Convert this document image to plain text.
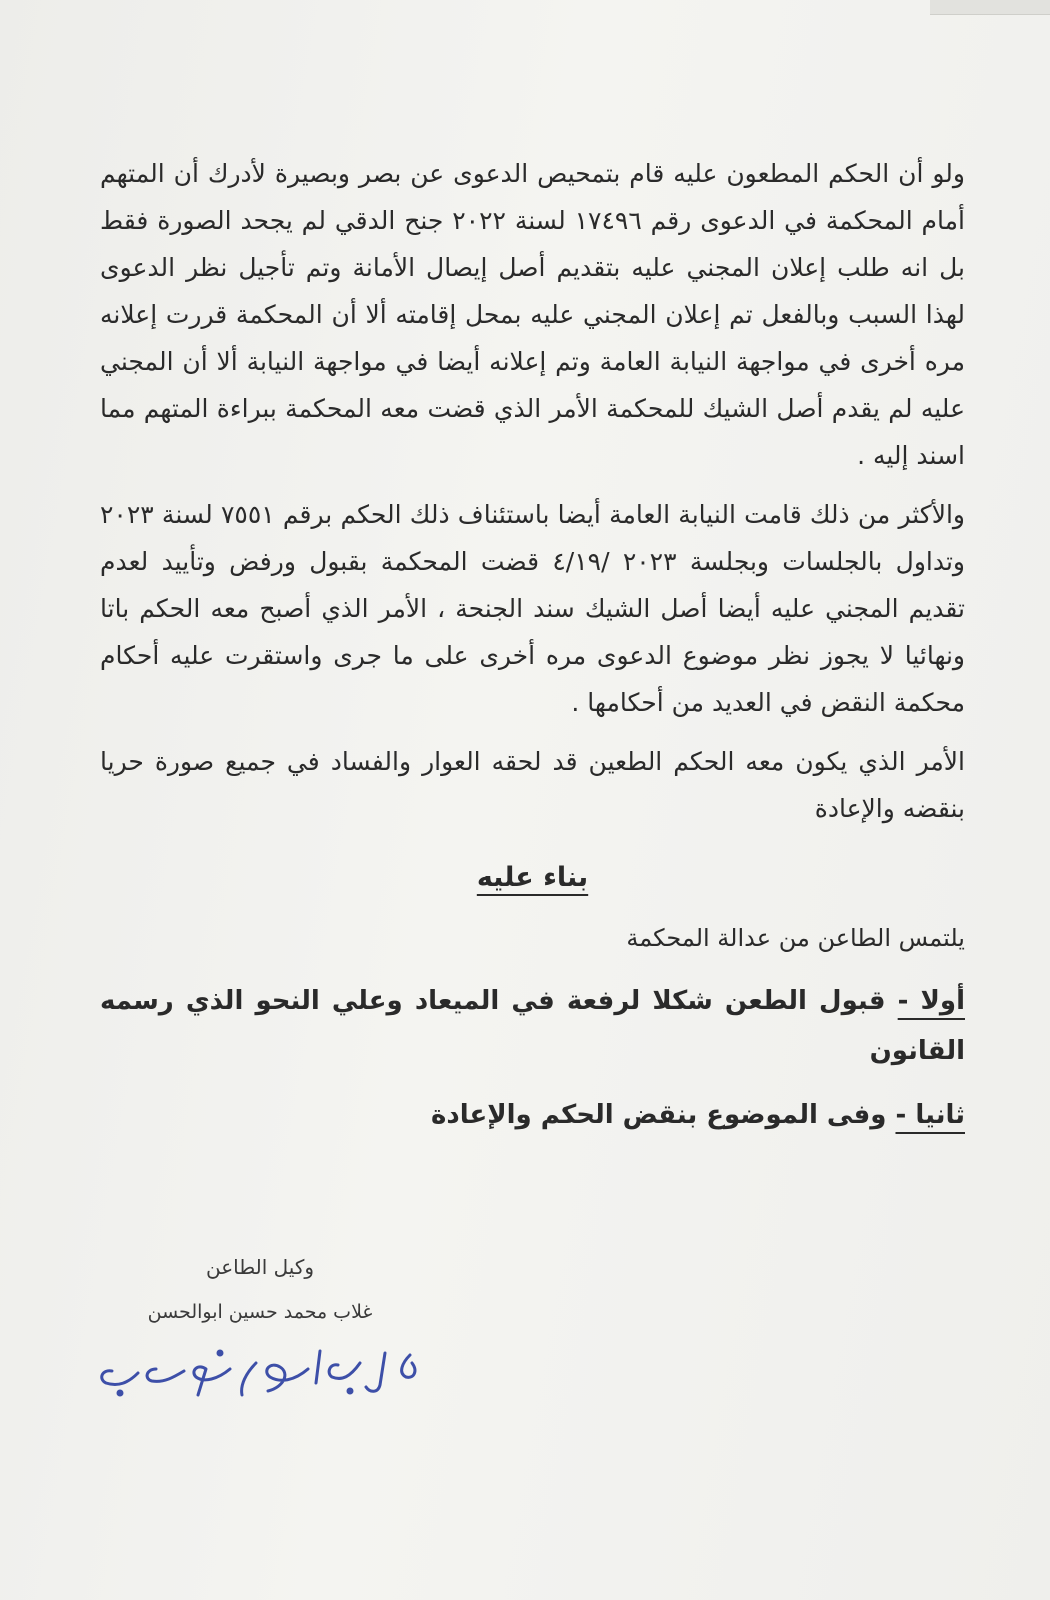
ولو أن الحكم المطعون عليه قام بتمحيص الدعوى عن بصر وبصيرة لأدرك أن المتهم أمام المحكمة في الدعوى رقم ١٧٤٩٦ لسنة ٢٠٢٢ جنح الدقي لم يجحد الصورة فقط بل انه طلب إعلان المجني عليه بتقديم أصل إيصال الأمانة وتم تأجيل نظر الدعوى لهذا السبب وبالفعل تم إعلان المجني عليه بمحل إقامته ألا أن المحكمة قررت إعلانه مره أخرى في مواجهة النيابة العامة وتم إعلانه أيضا في مواجهة النيابة ألا أن المجني عليه لم يقدم أصل الشيك للمحكمة الأمر الذي قضت معه المحكمة ببراءة المتهم مما اسند إليه .

والأكثر من ذلك قامت النيابة العامة أيضا باستئناف ذلك الحكم برقم ٧٥٥١ لسنة ٢٠٢٣ وتداول بالجلسات وبجلسة ٢٠٢٣ /٤/١٩ قضت المحكمة بقبول ورفض وتأييد لعدم تقديم المجني عليه أيضا أصل الشيك سند الجنحة ، الأمر الذي أصبح معه الحكم باتا ونهائيا لا يجوز نظر موضوع الدعوى مره أخرى على ما جرى واستقرت عليه أحكام محكمة النقض في العديد من أحكامها .

الأمر الذي يكون معه الحكم الطعين قد لحقه العوار والفساد في جميع صورة حريا بنقضه والإعادة

بناء عليه

يلتمس الطاعن من عدالة المحكمة

أولا - قبول الطعن شكلا لرفعة في الميعاد وعلي النحو الذي رسمه القانون

ثانيا - وفى الموضوع بنقض الحكم والإعادة

وكيل الطاعن

غلاب محمد حسين ابوالحسن
